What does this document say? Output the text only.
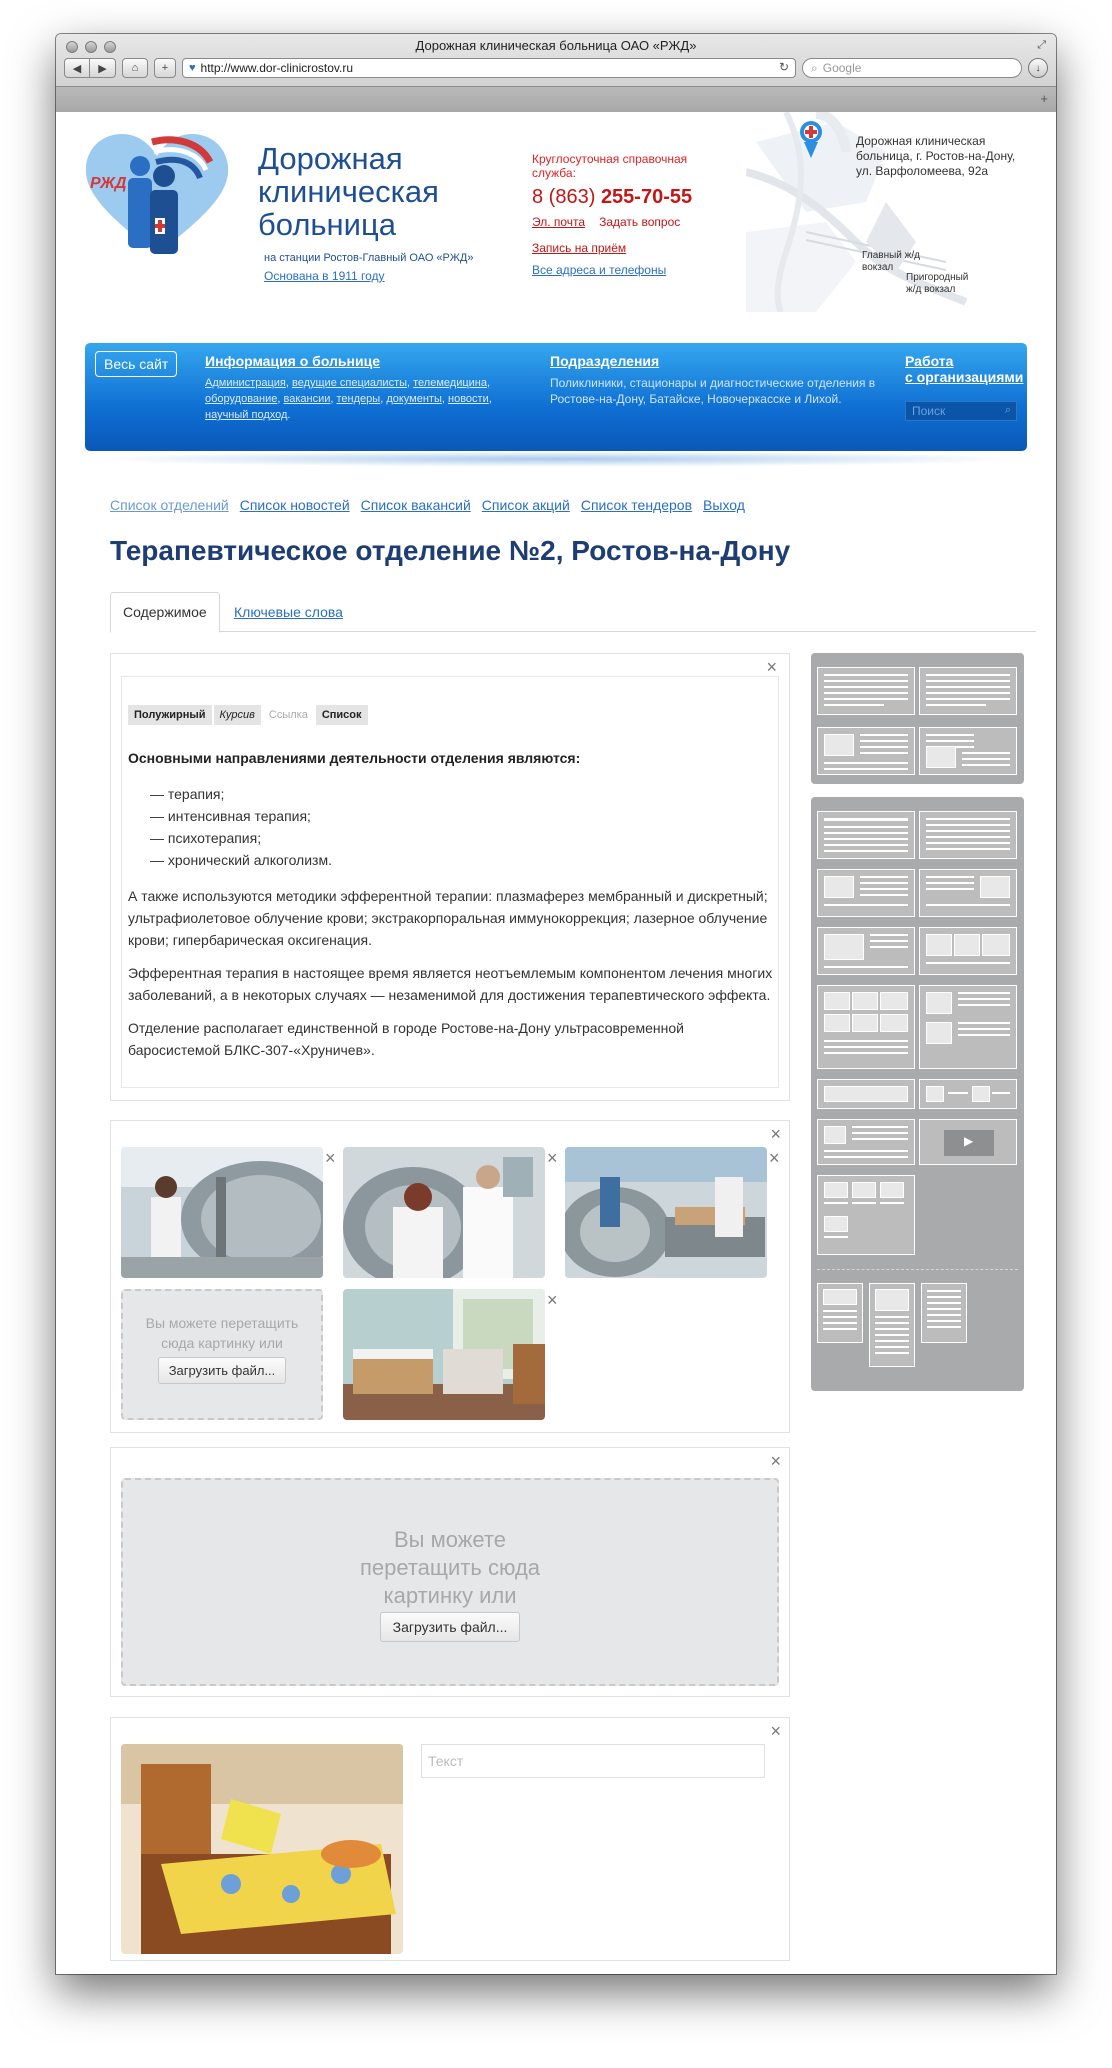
Дорожная клиническая больница ОАО «РЖД»	⤢
◀	▶	⌂	+	♥ http://www.dor-clinicrostov.ru	↻ ⌕ Google	↓
+
РЖД
Дорожная
клиническая
больница
на станции Ростов-Главный ОАО «РЖД»
Основана в 1911 году
Круглосуточная справочная служба:
8 (863) 255-70-55
Эл. почта Задать вопрос
Запись на приём
Все адреса и телефоны
Дорожная клиническая больница, г. Ростов-на-Дону, ул. Варфоломеева, 92а
Главный ж/д вокзал
Пригородный ж/д вокзал
Весь сайт	Информация о больнице
Администрация, ведущие специалисты, телемедицина, оборудование, вакансии, тендеры, документы, новости, научный подход.
Подразделения
Поликлиники, стационары и диагностические отделения в Ростове-на-Дону, Батайске, Новочеркасске и Лихой.
Работа
с организациями
Поиск	⌕
Список отделений Список новостей Список вакансий Список акций Список тендеров Выход
Терапевтическое отделение №2, Ростов-на-Дону
Содержимое	Ключевые слова
×
Полужирный	Курсив	Ссылка	Список
Основными направлениями деятельности отделения являются:
— терапия;
— интенсивная терапия;
— психотерапия;
— хронический алкоголизм.
А также используются методики эфферентной терапии: плазмаферез мембранный и дискретный; ультрафиолетовое облучение крови; экстракорпоральная иммунокоррекция; лазерное облучение крови; гипербарическая оксигенация.
Эфферентная терапия в настоящее время является неотъемлемым компонентом лечения многих заболеваний, а в некоторых случаях — незаменимой для достижения терапевтического эффекта.
Отделение располагает единственной в городе Ростове-на-Дону ультрасовременной баросистемой БЛКС-307-«Хруничев».
×
×	×	×
Вы можете перетащить сюда картинку или
Загрузить файл...
×
×
Вы можете перетащить сюда картинку или
Загрузить файл...
×
Текст
▶
